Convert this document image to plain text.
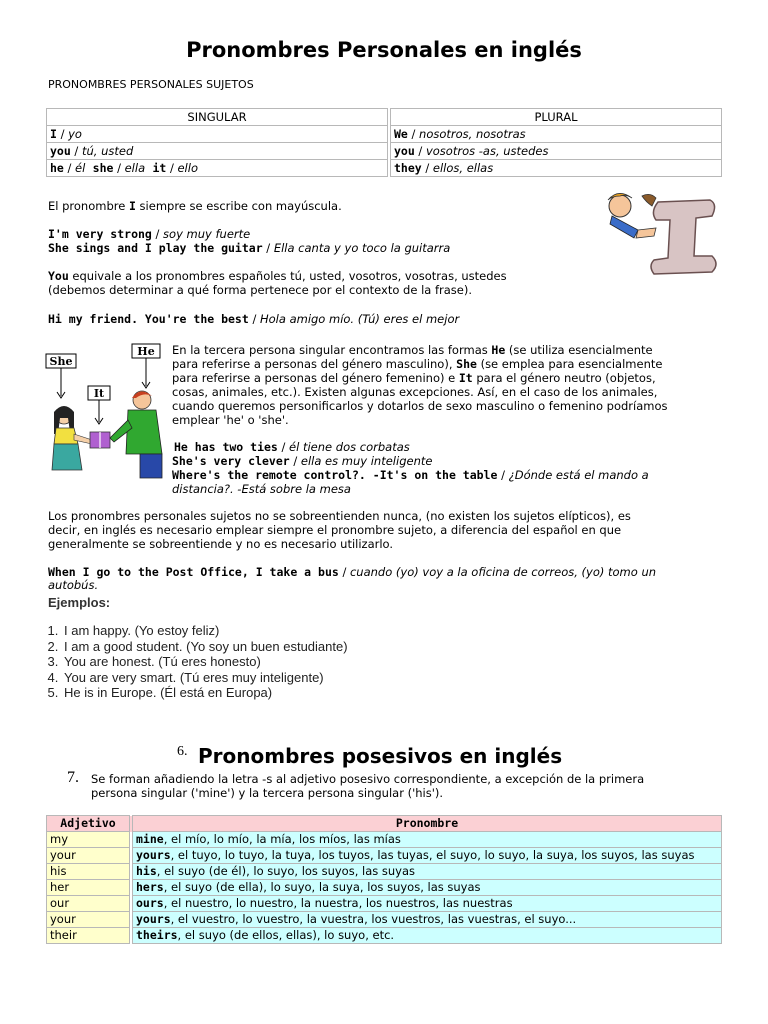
Pronombres Personales en inglés
PRONOMBRES PERSONALES SUJETOS
SINGULAR		PLURAL
I / yo		We / nosotros, nosotras
you / tú, usted		you / vosotros -as, ustedes
he / él she / ella it / ello		they / ellos, ellas
El pronombre I siempre se escribe con mayúscula.
I'm very strong / soy muy fuerte
She sings and I play the guitar / Ella canta y yo toco la guitarra
You equivale a los pronombres españoles tú, usted, vosotros, vosotras, ustedes
(debemos determinar a qué forma pertenece por el contexto de la frase).
Hi my friend. You're the best / Hola amigo mío. (Tú) eres el mejor
She
He
It
En la tercera persona singular encontramos las formas He (se utiliza esencialmente
para referirse a personas del género masculino), She (se emplea para esencialmente
para referirse a personas del género femenino) e It para el género neutro (objetos,
cosas, animales, etc.). Existen algunas excepciones. Así, en el caso de los animales,
cuando queremos personificarlos y dotarlos de sexo masculino o femenino podríamos
emplear 'he' o 'she'.
He has two ties / él tiene dos corbatas
She's very clever / ella es muy inteligente
Where's the remote control?. -It's on the table / ¿Dónde está el mando a
distancia?. -Está sobre la mesa
Los pronombres personales sujetos no se sobreentienden nunca, (no existen los sujetos elípticos), es
decir, en inglés es necesario emplear siempre el pronombre sujeto, a diferencia del español en que
generalmente se sobreentiende y no es necesario utilizarlo.
When I go to the Post Office, I take a bus / cuando (yo) voy a la oficina de correos, (yo) tomo un
autobús.
Ejemplos:
1. I am happy. (Yo estoy feliz)
2. I am a good student. (Yo soy un buen estudiante)
3. You are honest. (Tú eres honesto)
4. You are very smart. (Tú eres muy inteligente)
5. He is in Europe. (Él está en Europa)
6. Pronombres posesivos en inglés
7. Se forman añadiendo la letra -s al adjetivo posesivo correspondiente, a excepción de la primera
persona singular ('mine') y la tercera persona singular ('his').
Adjetivo		Pronombre
my		mine, el mío, lo mío, la mía, los míos, las mías
your		yours, el tuyo, lo tuyo, la tuya, los tuyos, las tuyas, el suyo, lo suyo, la suya, los suyos, las suyas
his		his, el suyo (de él), lo suyo, los suyos, las suyas
her		hers, el suyo (de ella), lo suyo, la suya, los suyos, las suyas
our		ours, el nuestro, lo nuestro, la nuestra, los nuestros, las nuestras
your		yours, el vuestro, lo vuestro, la vuestra, los vuestros, las vuestras, el suyo...
their		theirs, el suyo (de ellos, ellas), lo suyo, etc.
